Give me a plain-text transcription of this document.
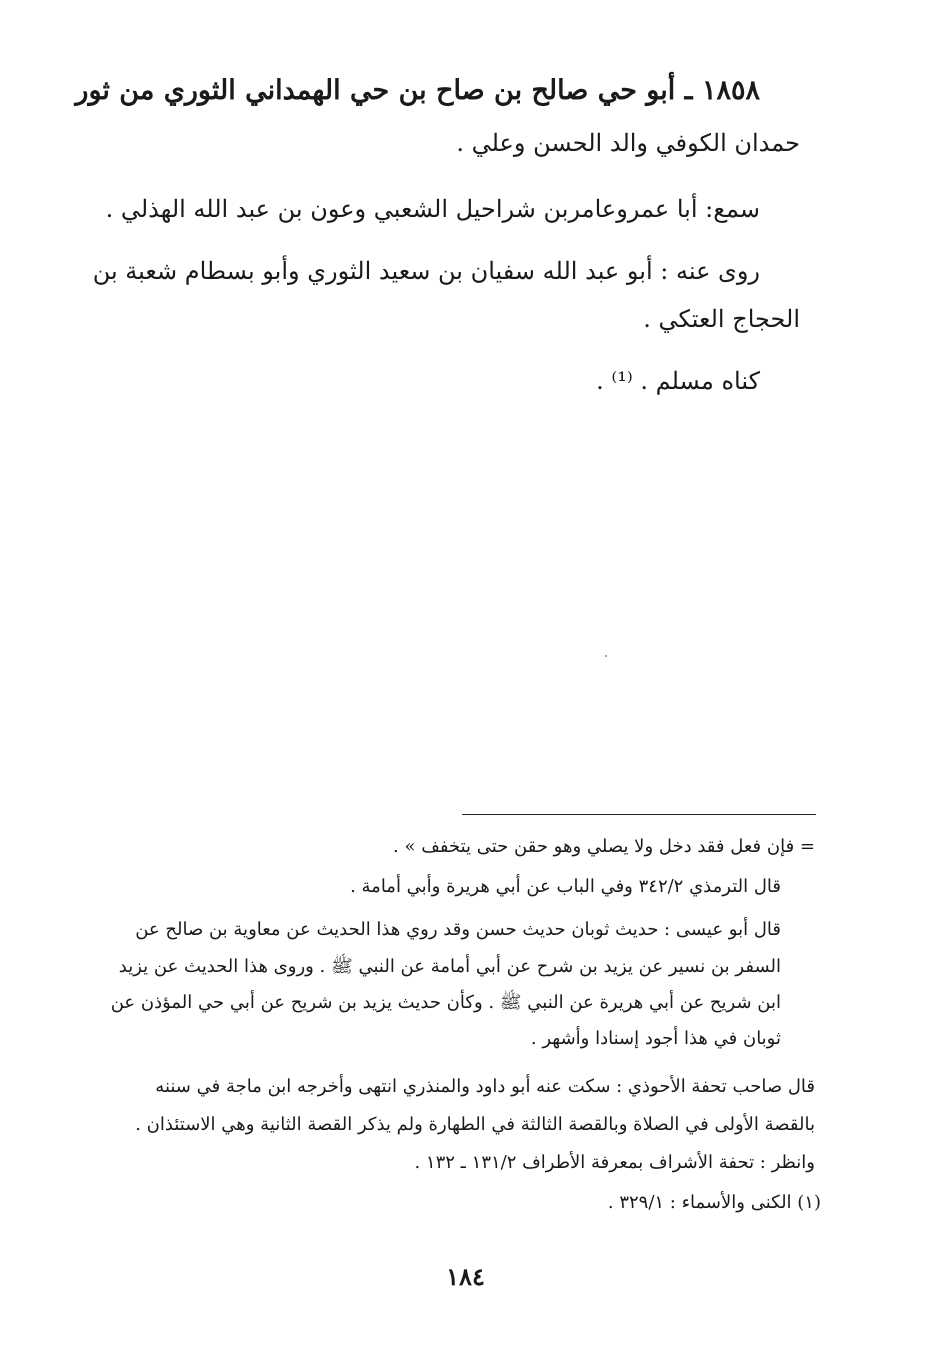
١٨٥٨ ـ أبو حي صالح بن صاح بن حي الهمداني الثوري من ثور
حمدان الكوفي والد الحسن وعلي .
سمع: أبا عمروعامربن شراحيل الشعبي وعون بن عبد الله الهذلي .
روى عنه : أبو عبد الله سفيان بن سعيد الثوري وأبو بسطام شعبة بن
الحجاج العتكي .
كناه مسلم . ⁽¹⁾ .
= فإن فعل فقد دخل ولا يصلي وهو حقن حتى يتخفف » .
قال الترمذي ٣٤٢/٢ وفي الباب عن أبي هريرة وأبي أمامة .
قال أبو عيسى : حديث ثوبان حديث حسن وقد روي هذا الحديث عن معاوية بن صالح عن
السفر بن نسير عن يزيد بن شرح عن أبي أمامة عن النبي ﷺ . وروى هذا الحديث عن يزيد
ابن شريح عن أبي هريرة عن النبي ﷺ . وكأن حديث يزيد بن شريح عن أبي حي المؤذن عن
ثوبان في هذا أجود إسنادا وأشهر .
قال صاحب تحفة الأحوذي : سكت عنه أبو داود والمنذري انتهى وأخرجه ابن ماجة في سننه
بالقصة الأولى في الصلاة وبالقصة الثالثة في الطهارة ولم يذكر القصة الثانية وهي الاستئذان .
وانظر : تحفة الأشراف بمعرفة الأطراف ١٣١/٢ ـ ١٣٢ .
(١) الكنى والأسماء : ٣٢٩/١ .
١٨٤
